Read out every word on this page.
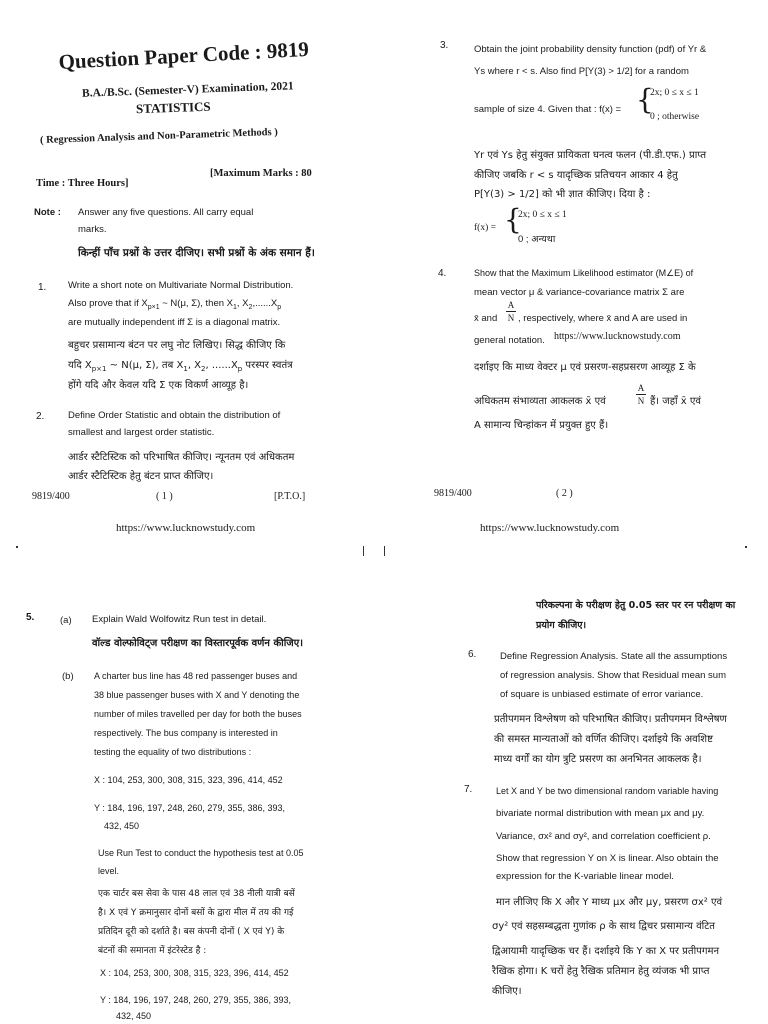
Question Paper Code : 9819
B.A./B.Sc. (Semester-V) Examination, 2021
STATISTICS
( Regression Analysis and Non-Parametric Methods )
Time : Three Hours]
[Maximum Marks : 80
Note : Answer any five questions. All carry equal
marks.
किन्हीं पाँच प्रश्नों के उत्तर दीजिए। सभी प्रश्नों के अंक समान हैं।
1. Write a short note on Multivariate Normal Distribution.
Also prove that if $X_{p\times 1}$ ~ N(μ, Σ), then $X_1$, $X_2,......X_p$
are mutually independent iff Σ is a diagonal matrix.
बहुचर प्रसामान्य बंटन पर लघु नोट लिखिए। सिद्ध कीजिए कि
यदि $X_{p\times 1}$ ~ N(μ, Σ), तब $X_1$, $X_2$, $......X_p$ परस्पर स्वतंत्र
होंगे यदि और केवल यदि Σ एक विकर्ण आव्यूह है।
2. Define Order Statistic and obtain the distribution of
smallest and largest order statistic.
आर्डर स्टैटिस्टिक को परिभाषित कीजिए। न्यूनतम एवं अधिकतम
आर्डर स्टैटिस्टिक हेतु बंटन प्राप्त कीजिए।
9819/400	( 1 )	[P.T.O.]
https://www.lucknowstudy.com
3.	Obtain the joint probability density function (pdf) of Yr &
Ys where r < s. Also find P[Y(3) > 1/2] for a random
sample of size 4. Given that : f(x) = {
2x; 0 ≤ x ≤ 1
0 ; otherwise
Yr एवं Ys हेतु संयुक्त प्रायिकता घनत्व फलन (पी.डी.एफ.) प्राप्त
कीजिए जबकि r < s यादृच्छिक प्रतिचयन आकार 4 हेतु
P[Y(3) > 1/2] को भी ज्ञात कीजिए। दिया है :
f(x) = {
2x; 0 ≤ x ≤ 1
0 ; अन्यथा
4.	Show that the Maximum Likelihood estimator (M∠E) of
mean vector μ & variance-covariance matrix Σ are
x̄ and
A
N , respectively, where x̄ and A are used in
general notation. https://www.lucknowstudy.com
दर्शाइए कि माध्य वेक्टर μ एवं प्रसरण-सहप्रसरण आव्यूह Σ के
अधिकतम संभाव्यता आकलक x̄ एवं
A
N हैं। जहाँ x̄ एवं
A सामान्य चिन्हांकन में प्रयुक्त हुए हैं।
9819/400	( 2 )
https://www.lucknowstudy.com
5.	(a) Explain Wald Wolfowitz Run test in detail.
वॉल्ड वोल्फोविट्ज परीक्षण का विस्तारपूर्वक वर्णन कीजिए।
(b) A charter bus line has 48 red passenger buses and
38 blue passenger buses with X and Y denoting the
number of miles travelled per day for both the buses
respectively. The bus company is interested in
testing the equality of two distributions :
X : 104, 253, 300, 308, 315, 323, 396, 414, 452
Y : 184, 196, 197, 248, 260, 279, 355, 386, 393,
432, 450
Use Run Test to conduct the hypothesis test at 0.05
level.
एक चार्टर बस सेवा के पास 48 लाल एवं 38 नीली यात्री बसें
है। X एवं Y क्रमानुसार दोनों बसों के द्वारा मील में तय की गई
प्रतिदिन दूरी को दर्शाते है। बस कंपनी दोनों ( X एवं Y) के
बंटनों की समानता में इंटरेस्टेड है :
X : 104, 253, 300, 308, 315, 323, 396, 414, 452
Y : 184, 196, 197, 248, 260, 279, 355, 386, 393,
432, 450
परिकल्पना के परीक्षण हेतु 0.05 स्तर पर रन परीक्षण का
प्रयोग कीजिए।
6. Define Regression Analysis. State all the assumptions
of regression analysis. Show that Residual mean sum
of square is unbiased estimate of error variance.
प्रतीपगमन विश्लेषण को परिभाषित कीजिए। प्रतीपगमन विश्लेषण
की समस्त मान्यताओं को वर्णित कीजिए। दर्शाइये कि अवशिष्ट
माध्य वर्गों का योग त्रुटि प्रसरण का अनभिनत आकलक है।
7.	Let X and Y be two dimensional random variable having
bivariate normal distribution with mean μx and μy.
Variance, σx² and σy², and correlation coefficient ρ.
Show that regression Y on X is linear. Also obtain the
expression for the K-variable linear model.
मान लीजिए कि X और Y माध्य μx और μy, प्रसरण σx² एवं
σy² एवं सहसम्बद्धता गुणांक ρ के साथ द्विचर प्रसामान्य वंटित
द्विआयामी यादृच्छिक चर हैं। दर्शाइये कि Y का X पर प्रतीपगमन
रैखिक होगा। K चरों हेतु रैखिक प्रतिमान हेतु व्यंजक भी प्राप्त
कीजिए।
